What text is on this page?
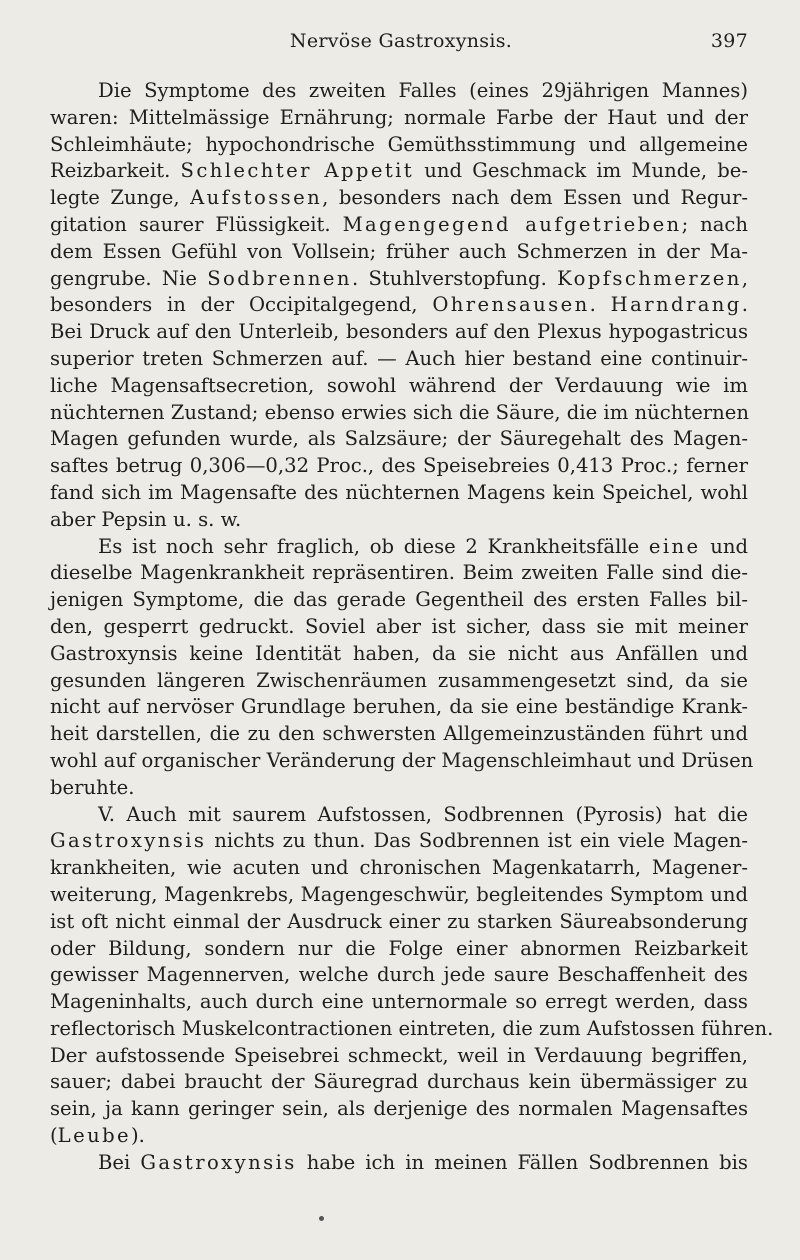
Nervöse Gastroxynsis.	397
Die Symptome des zweiten Falles (eines 29jährigen Mannes)
waren: Mittelmässige Ernährung; normale Farbe der Haut und der
Schleimhäute; hypochondrische Gemüthsstimmung und allgemeine
Reizbarkeit. Schlechter Appetit und Geschmack im Munde, be-
legte Zunge, Aufstossen, besonders nach dem Essen und Regur-
gitation saurer Flüssigkeit. Magengegend aufgetrieben; nach
dem Essen Gefühl von Vollsein; früher auch Schmerzen in der Ma-
gengrube. Nie Sodbrennen. Stuhlverstopfung. Kopfschmerzen,
besonders in der Occipitalgegend, Ohrensausen. Harndrang.
Bei Druck auf den Unterleib, besonders auf den Plexus hypogastricus
superior treten Schmerzen auf. — Auch hier bestand eine continuir-
liche Magensaftsecretion, sowohl während der Verdauung wie im
nüchternen Zustand; ebenso erwies sich die Säure, die im nüchternen
Magen gefunden wurde, als Salzsäure; der Säuregehalt des Magen-
saftes betrug 0,306—0,32 Proc., des Speisebreies 0,413 Proc.; ferner
fand sich im Magensafte des nüchternen Magens kein Speichel, wohl
aber Pepsin u. s. w.
Es ist noch sehr fraglich, ob diese 2 Krankheitsfälle eine und
dieselbe Magenkrankheit repräsentiren. Beim zweiten Falle sind die-
jenigen Symptome, die das gerade Gegentheil des ersten Falles bil-
den, gesperrt gedruckt. Soviel aber ist sicher, dass sie mit meiner
Gastroxynsis keine Identität haben, da sie nicht aus Anfällen und
gesunden längeren Zwischenräumen zusammengesetzt sind, da sie
nicht auf nervöser Grundlage beruhen, da sie eine beständige Krank-
heit darstellen, die zu den schwersten Allgemeinzuständen führt und
wohl auf organischer Veränderung der Magenschleimhaut und Drüsen
beruhte.
V. Auch mit saurem Aufstossen, Sodbrennen (Pyrosis) hat die
Gastroxynsis nichts zu thun. Das Sodbrennen ist ein viele Magen-
krankheiten, wie acuten und chronischen Magenkatarrh, Magener-
weiterung, Magenkrebs, Magengeschwür, begleitendes Symptom und
ist oft nicht einmal der Ausdruck einer zu starken Säureabsonderung
oder Bildung, sondern nur die Folge einer abnormen Reizbarkeit
gewisser Magennerven, welche durch jede saure Beschaffenheit des
Mageninhalts, auch durch eine unternormale so erregt werden, dass
reflectorisch Muskelcontractionen eintreten, die zum Aufstossen führen.
Der aufstossende Speisebrei schmeckt, weil in Verdauung begriffen,
sauer; dabei braucht der Säuregrad durchaus kein übermässiger zu
sein, ja kann geringer sein, als derjenige des normalen Magensaftes
(Leube).
Bei Gastroxynsis habe ich in meinen Fällen Sodbrennen bis
